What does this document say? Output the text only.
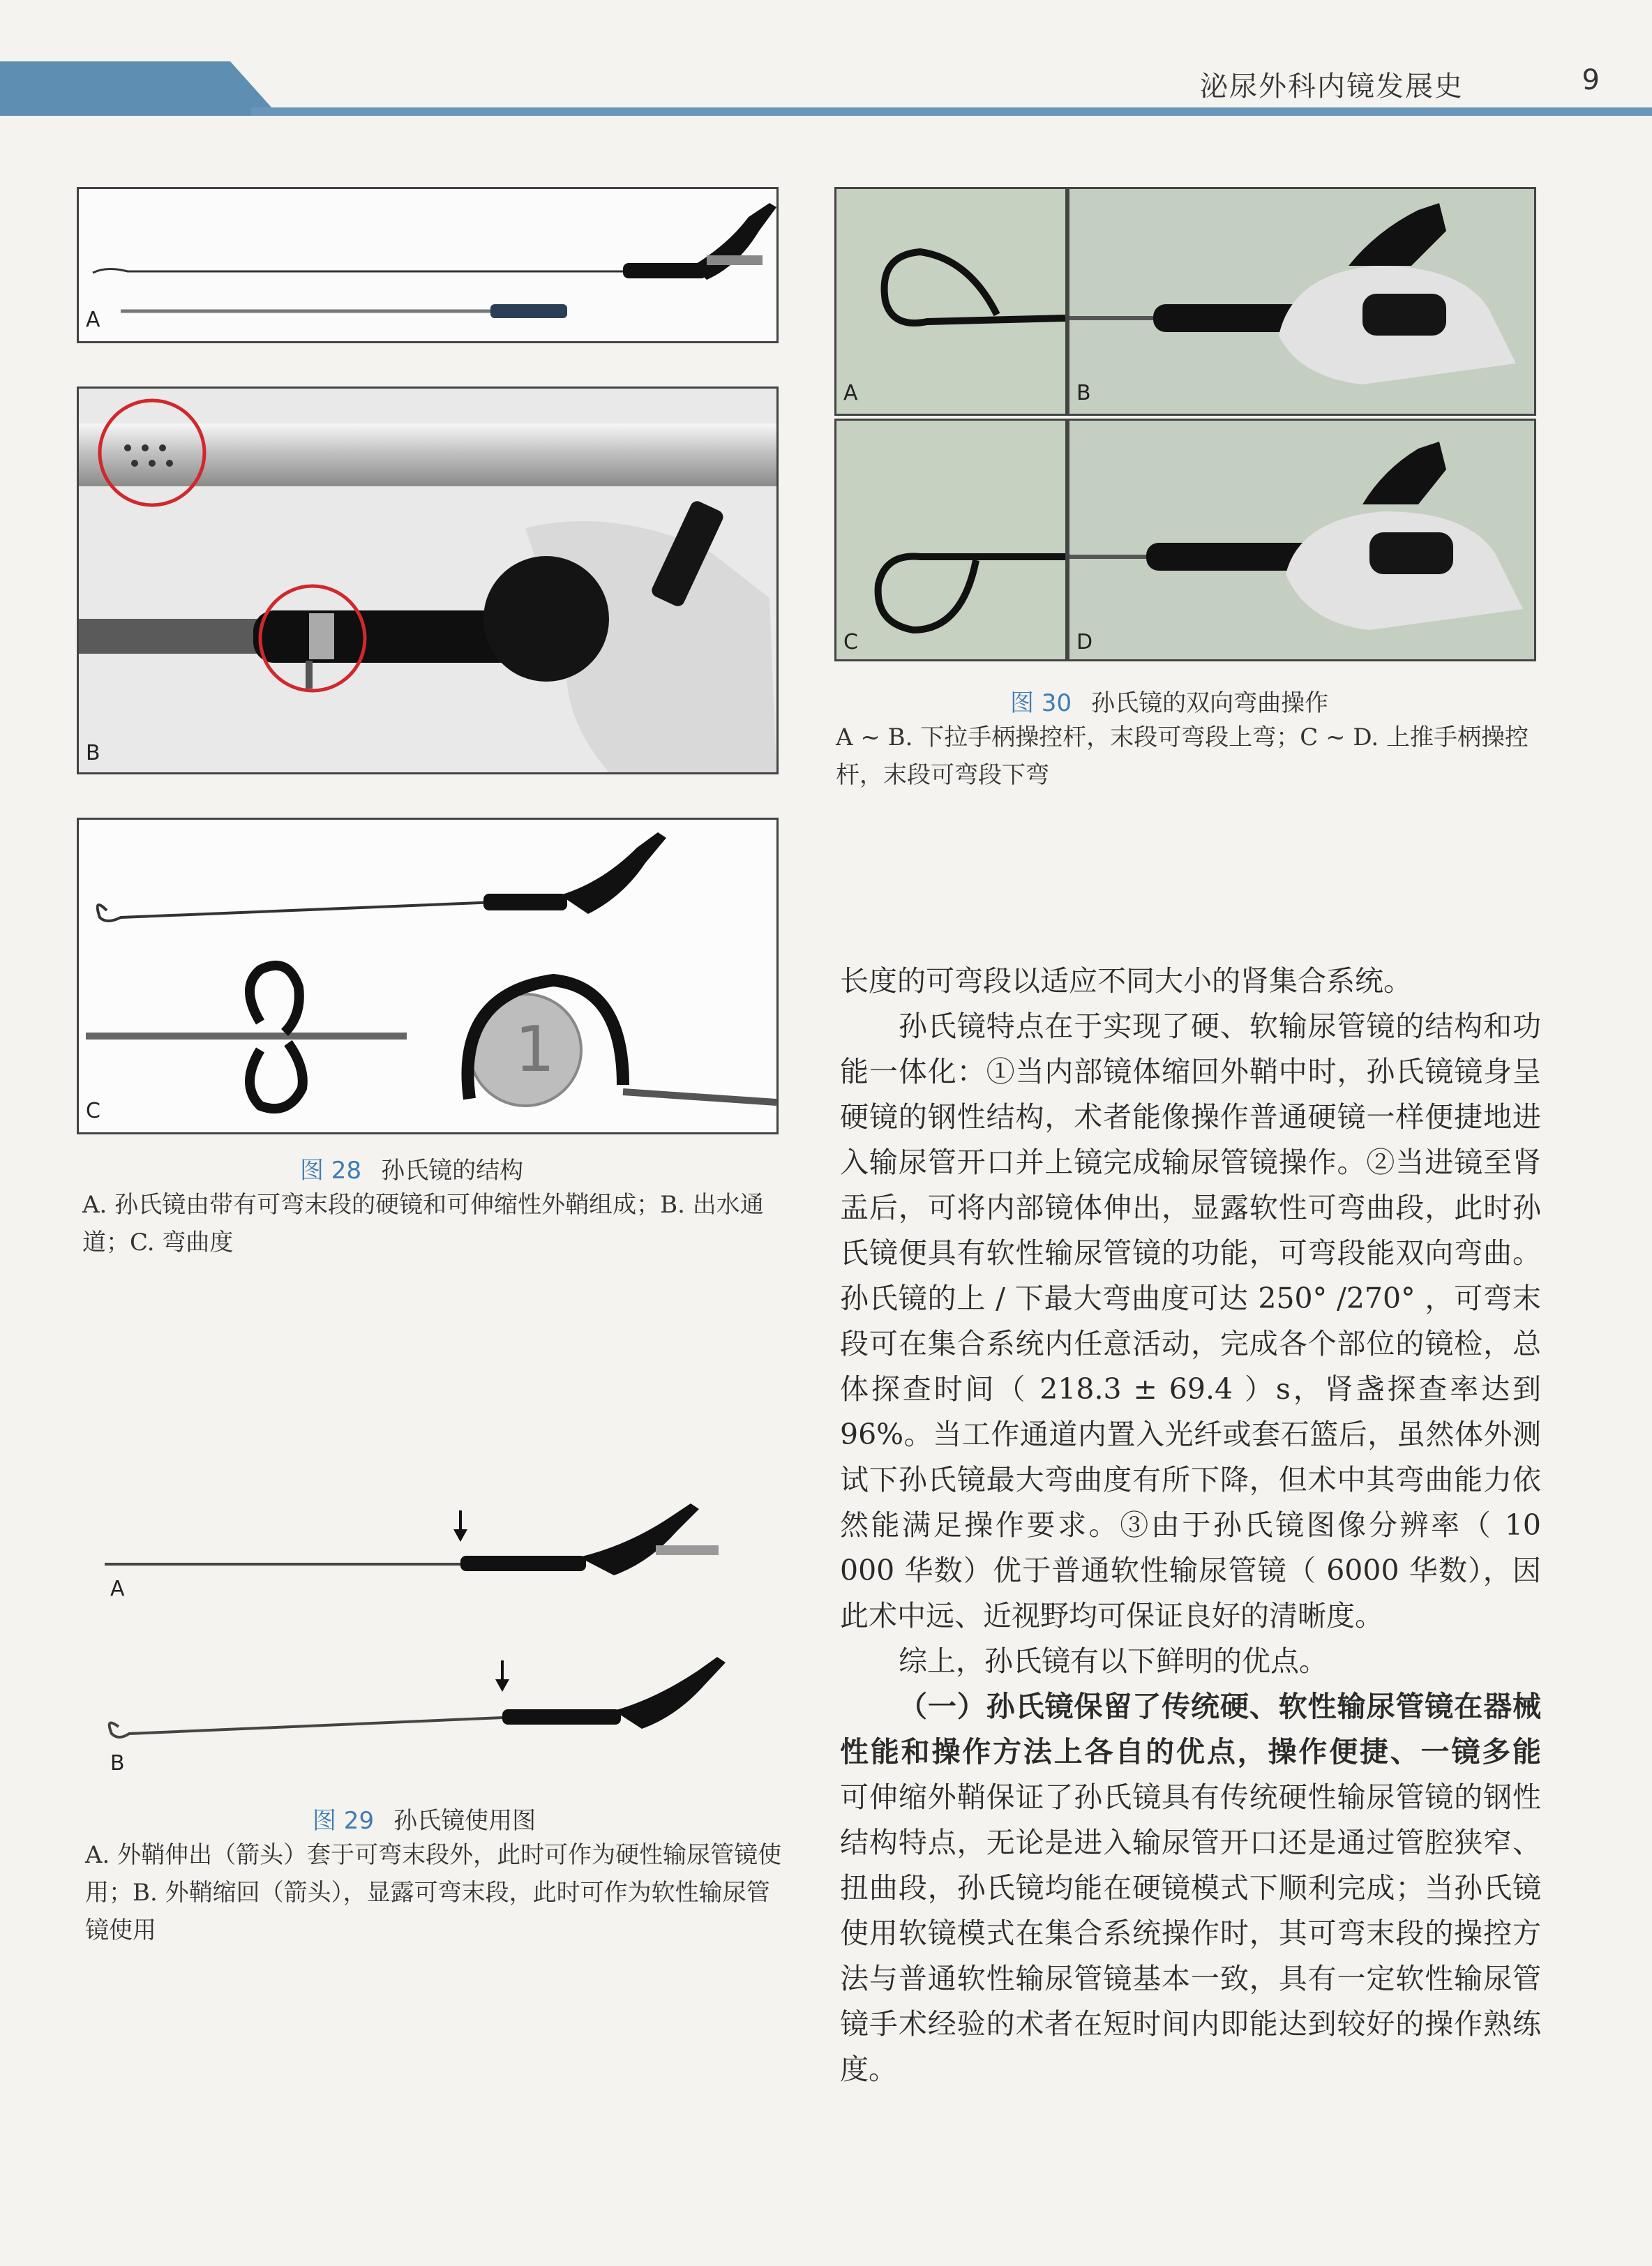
泌尿外科内镜发展史	9
A
B
1
C
图 28 孙氏镜的结构
A. 孙氏镜由带有可弯末段的硬镜和可伸缩性外鞘组成；B. 出水通道；C. 弯曲度
A
B
图 29 孙氏镜使用图
A. 外鞘伸出（箭头）套于可弯末段外，此时可作为硬性输尿管镜使用；B. 外鞘缩回（箭头），显露可弯末段，此时可作为软性输尿管镜使用
A	B
C	D
图 30 孙氏镜的双向弯曲操作
A ~ B. 下拉手柄操控杆，末段可弯段上弯；C ~ D. 上推手柄操控杆，末段可弯段下弯

长度的可弯段以适应不同大小的肾集合系统。

孙氏镜特点在于实现了硬、软输尿管镜的结构和功能一体化：①当内部镜体缩回外鞘中时，孙氏镜镜身呈硬镜的钢性结构，术者能像操作普通硬镜一样便捷地进入输尿管开口并上镜完成输尿管镜操作。②当进镜至肾盂后，可将内部镜体伸出，显露软性可弯曲段，此时孙氏镜便具有软性输尿管镜的功能，可弯段能双向弯曲。孙氏镜的上 / 下最大弯曲度可达 250° /270° ，可弯末段可在集合系统内任意活动，完成各个部位的镜检，总体探查时间（ 218.3 ± 69.4 ）s，肾盏探查率达到 96%。当工作通道内置入光纤或套石篮后，虽然体外测试下孙氏镜最大弯曲度有所下降，但术中其弯曲能力依然能满足操作要求。③由于孙氏镜图像分辨率（ 10 000 华数）优于普通软性输尿管镜（ 6000 华数），因此术中远、近视野均可保证良好的清晰度。

综上，孙氏镜有以下鲜明的优点。

（一）孙氏镜保留了传统硬、软性输尿管镜在器械性能和操作方法上各自的优点，操作便捷、一镜多能　可伸缩外鞘保证了孙氏镜具有传统硬性输尿管镜的钢性结构特点，无论是进入输尿管开口还是通过管腔狭窄、扭曲段，孙氏镜均能在硬镜模式下顺利完成；当孙氏镜使用软镜模式在集合系统操作时，其可弯末段的操控方法与普通软性输尿管镜基本一致，具有一定软性输尿管镜手术经验的术者在短时间内即能达到较好的操作熟练度。
